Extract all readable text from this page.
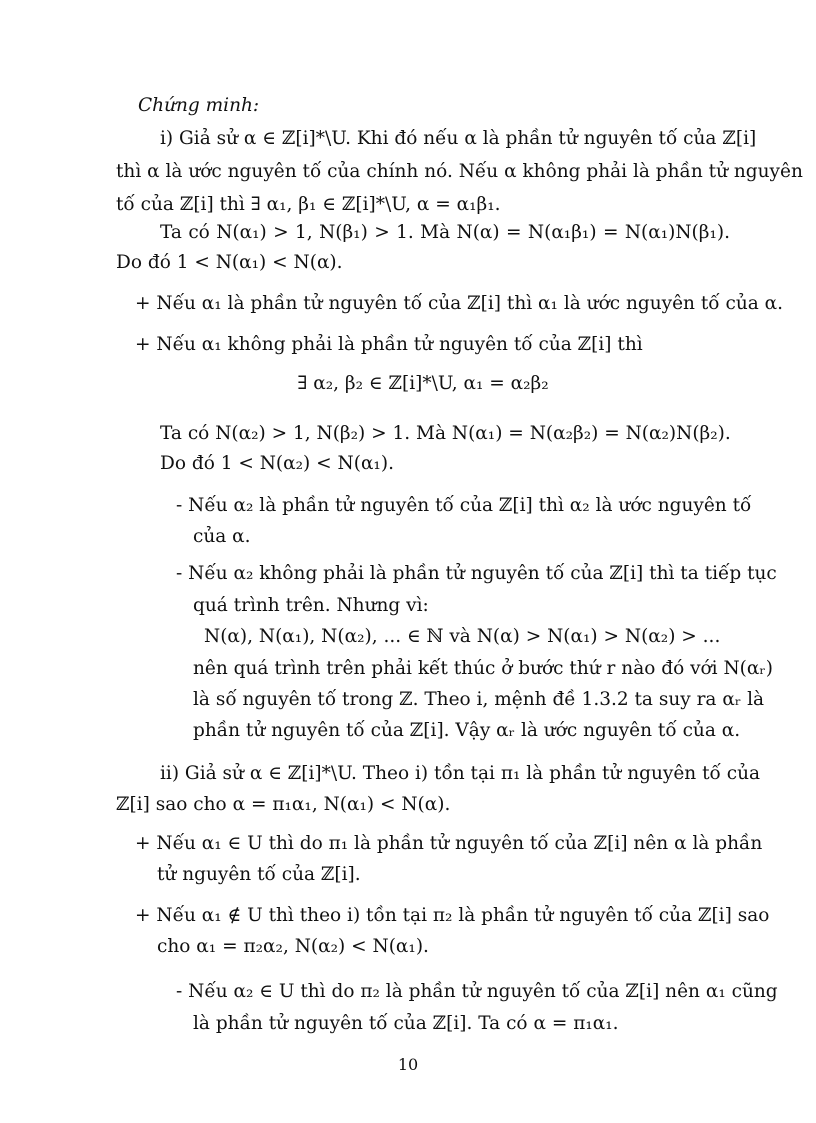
Chứng minh:
i) Giả sử α ∈ ℤ[i]*\U. Khi đó nếu α là phần tử nguyên tố của ℤ[i]
thì α là ước nguyên tố của chính nó. Nếu α không phải là phần tử nguyên
tố của ℤ[i] thì ∃ α₁, β₁ ∈ ℤ[i]*\U, α = α₁β₁.
Ta có N(α₁) > 1, N(β₁) > 1. Mà N(α) = N(α₁β₁) = N(α₁)N(β₁).
Do đó 1 < N(α₁) < N(α).
+ Nếu α₁ là phần tử nguyên tố của ℤ[i] thì α₁ là ước nguyên tố của α.
+ Nếu α₁ không phải là phần tử nguyên tố của ℤ[i] thì
∃ α₂, β₂ ∈ ℤ[i]*\U, α₁ = α₂β₂
Ta có N(α₂) > 1, N(β₂) > 1. Mà N(α₁) = N(α₂β₂) = N(α₂)N(β₂).
Do đó 1 < N(α₂) < N(α₁).
- Nếu α₂ là phần tử nguyên tố của ℤ[i] thì α₂ là ước nguyên tố
của α.
- Nếu α₂ không phải là phần tử nguyên tố của ℤ[i] thì ta tiếp tục
quá trình trên. Nhưng vì:
N(α), N(α₁), N(α₂), ... ∈ ℕ và N(α) > N(α₁) > N(α₂) > ...
nên quá trình trên phải kết thúc ở bước thứ r nào đó với N(αᵣ)
là số nguyên tố trong ℤ. Theo i, mệnh đề 1.3.2 ta suy ra αᵣ là
phần tử nguyên tố của ℤ[i]. Vậy αᵣ là ước nguyên tố của α.
ii) Giả sử α ∈ ℤ[i]*\U. Theo i) tồn tại π₁ là phần tử nguyên tố của
ℤ[i] sao cho α = π₁α₁, N(α₁) < N(α).
+ Nếu α₁ ∈ U thì do π₁ là phần tử nguyên tố của ℤ[i] nên α là phần
tử nguyên tố của ℤ[i].
+ Nếu α₁ ∉ U thì theo i) tồn tại π₂ là phần tử nguyên tố của ℤ[i] sao
cho α₁ = π₂α₂, N(α₂) < N(α₁).
- Nếu α₂ ∈ U thì do π₂ là phần tử nguyên tố của ℤ[i] nên α₁ cũng
là phần tử nguyên tố của ℤ[i]. Ta có α = π₁α₁.
10
